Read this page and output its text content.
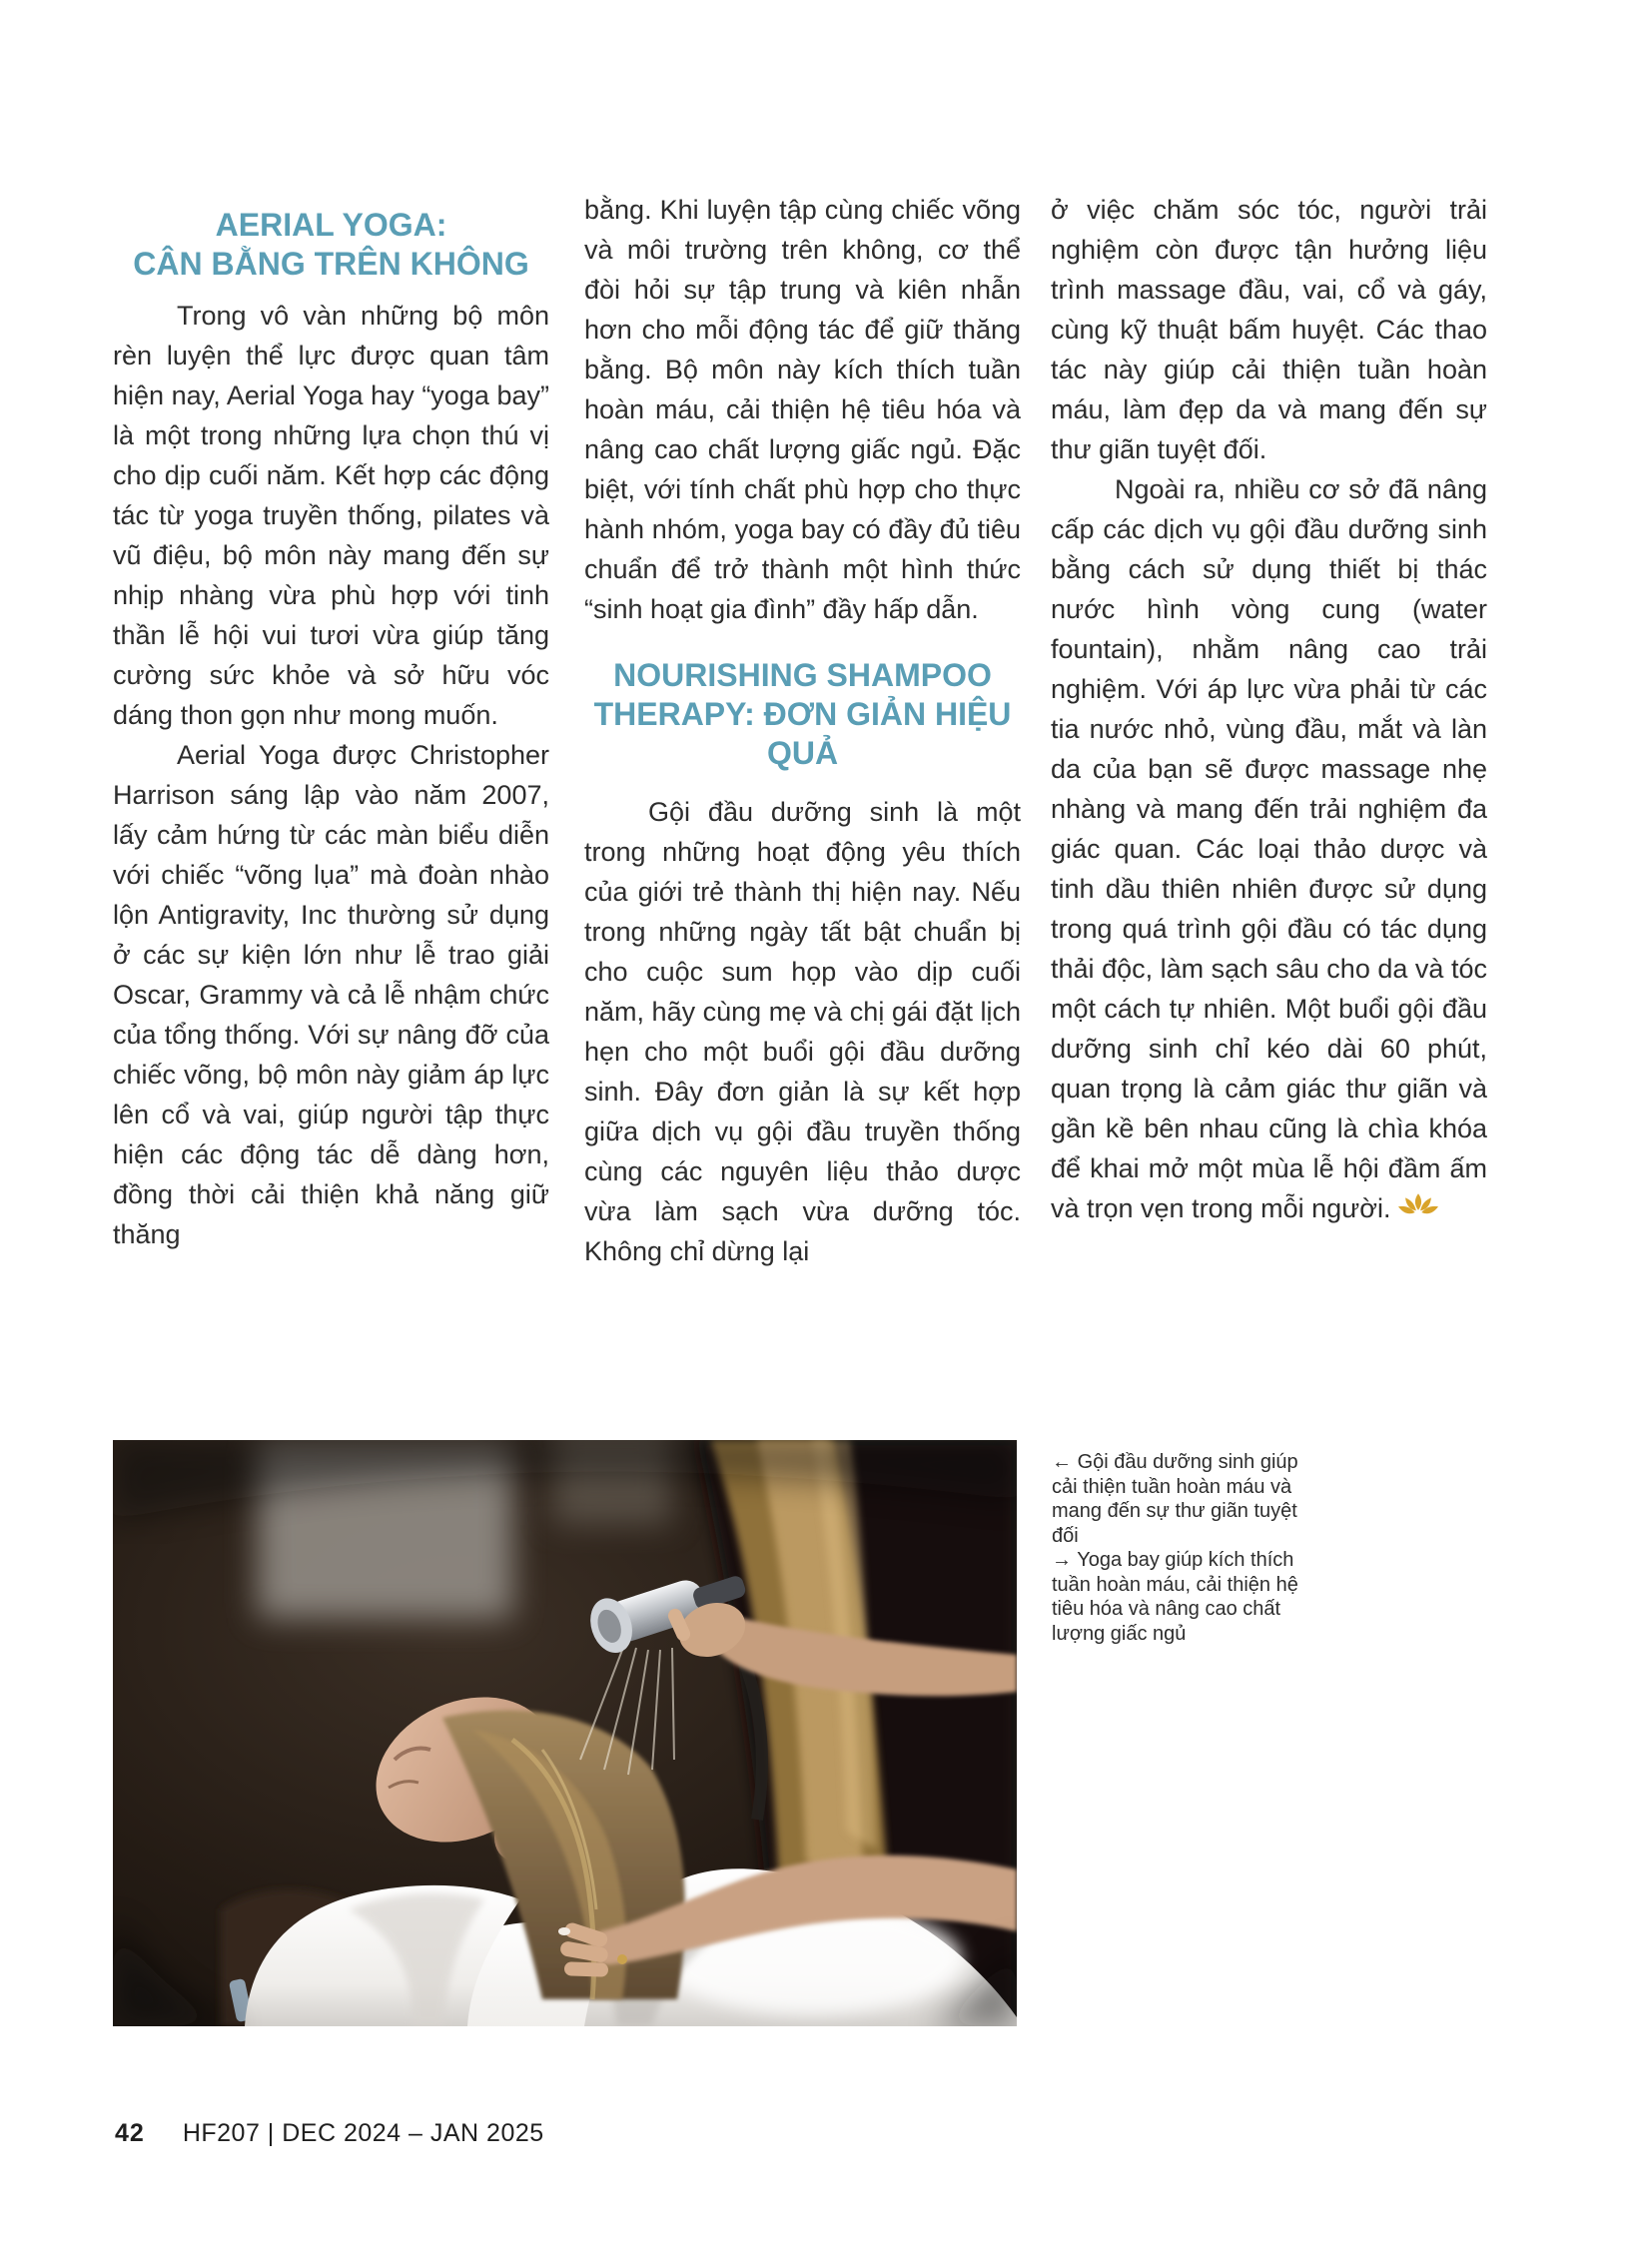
AERIAL YOGA:
CÂN BẰNG TRÊN KHÔNG

Trong vô vàn những bộ môn rèn luyện thể lực được quan tâm hiện nay, Aerial Yoga hay “yoga bay” là một trong những lựa chọn thú vị cho dịp cuối năm. Kết hợp các động tác từ yoga truyền thống, pilates và vũ điệu, bộ môn này mang đến sự nhịp nhàng vừa phù hợp với tinh thần lễ hội vui tươi vừa giúp tăng cường sức khỏe và sở hữu vóc dáng thon gọn như mong muốn.

Aerial Yoga được Christopher Harrison sáng lập vào năm 2007, lấy cảm hứng từ các màn biểu diễn với chiếc “võng lụa” mà đoàn nhào lộn Antigravity, Inc thường sử dụng ở các sự kiện lớn như lễ trao giải Oscar, Grammy và cả lễ nhậm chức của tổng thống. Với sự nâng đỡ của chiếc võng, bộ môn này giảm áp lực lên cổ và vai, giúp người tập thực hiện các động tác dễ dàng hơn, đồng thời cải thiện khả năng giữ thăng

bằng. Khi luyện tập cùng chiếc võng và môi trường trên không, cơ thể đòi hỏi sự tập trung và kiên nhẫn hơn cho mỗi động tác để giữ thăng bằng. Bộ môn này kích thích tuần hoàn máu, cải thiện hệ tiêu hóa và nâng cao chất lượng giấc ngủ. Đặc biệt, với tính chất phù hợp cho thực hành nhóm, yoga bay có đầy đủ tiêu chuẩn để trở thành một hình thức “sinh hoạt gia đình” đầy hấp dẫn.

NOURISHING SHAMPOO
THERAPY: ĐƠN GIẢN HIỆU QUẢ

Gội đầu dưỡng sinh là một trong những hoạt động yêu thích của giới trẻ thành thị hiện nay. Nếu trong những ngày tất bật chuẩn bị cho cuộc sum họp vào dịp cuối năm, hãy cùng mẹ và chị gái đặt lịch hẹn cho một buổi gội đầu dưỡng sinh. Đây đơn giản là sự kết hợp giữa dịch vụ gội đầu truyền thống cùng các nguyên liệu thảo dược vừa làm sạch vừa dưỡng tóc. Không chỉ dừng lại

ở việc chăm sóc tóc, người trải nghiệm còn được tận hưởng liệu trình massage đầu, vai, cổ và gáy, cùng kỹ thuật bấm huyệt. Các thao tác này giúp cải thiện tuần hoàn máu, làm đẹp da và mang đến sự thư giãn tuyệt đối.

Ngoài ra, nhiều cơ sở đã nâng cấp các dịch vụ gội đầu dưỡng sinh bằng cách sử dụng thiết bị thác nước hình vòng cung (water fountain), nhằm nâng cao trải nghiệm. Với áp lực vừa phải từ các tia nước nhỏ, vùng đầu, mắt và làn da của bạn sẽ được massage nhẹ nhàng và mang đến trải nghiệm đa giác quan. Các loại thảo dược và tinh dầu thiên nhiên được sử dụng trong quá trình gội đầu có tác dụng thải độc, làm sạch sâu cho da và tóc một cách tự nhiên. Một buổi gội đầu dưỡng sinh chỉ kéo dài 60 phút, quan trọng là cảm giác thư giãn và gần kề bên nhau cũng là chìa khóa để khai mở một mùa lễ hội đầm ấm và trọn vẹn trong mỗi người.

← Gội đầu dưỡng sinh giúp cải thiện tuần hoàn máu và mang đến sự thư giãn tuyệt đối

→ Yoga bay giúp kích thích tuần hoàn máu, cải thiện hệ tiêu hóa và nâng cao chất lượng giấc ngủ

42 HF207 | DEC 2024 – JAN 2025
